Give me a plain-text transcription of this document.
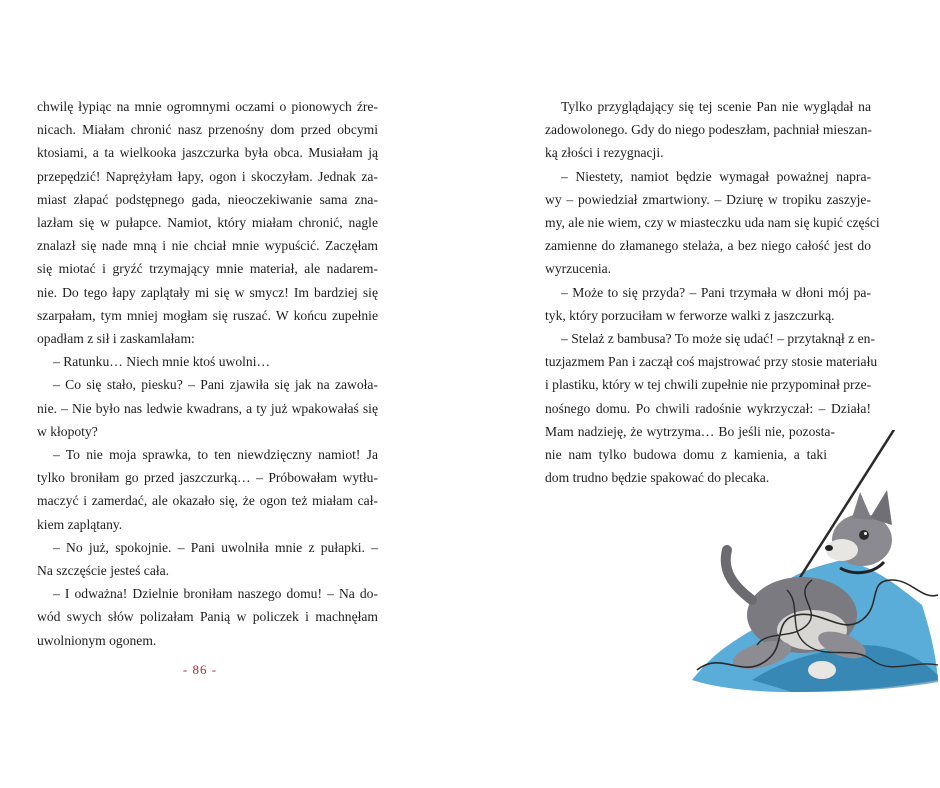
chwilę łypiąc na mnie ogromnymi oczami o pionowych źre-
nicach. Miałam chronić nasz przenośny dom przed obcymi
ktosiami, a ta wielkooka jaszczurka była obca. Musiałam ją
przepędzić! Naprężyłam łapy, ogon i skoczyłam. Jednak za-
miast złapać podstępnego gada, nieoczekiwanie sama zna-
lazłam się w pułapce. Namiot, który miałam chronić, nagle
znalazł się nade mną i nie chciał mnie wypuścić. Zaczęłam
się miotać i gryźć trzymający mnie materiał, ale nadarem-
nie. Do tego łapy zaplątały mi się w smycz! Im bardziej się
szarpałam, tym mniej mogłam się ruszać. W końcu zupełnie
opadłam z sił i zaskamlałam:

– Ratunku… Niech mnie ktoś uwolni…

– Co się stało, piesku? – Pani zjawiła się jak na zawoła-
nie. – Nie było nas ledwie kwadrans, a ty już wpakowałaś się
w kłopoty?

– To nie moja sprawka, to ten niewdzięczny namiot! Ja
tylko broniłam go przed jaszczurką… – Próbowałam wytłu-
maczyć i zamerdać, ale okazało się, że ogon też miałam cał-
kiem zaplątany.

– No już, spokojnie. – Pani uwolniła mnie z pułapki. –
Na szczęście jesteś cała.

– I odważna! Dzielnie broniłam naszego domu! – Na do-
wód swych słów polizałam Panią w policzek i machnęłam
uwolnionym ogonem.

- 86 -

Tylko przyglądający się tej scenie Pan nie wyglądał na
zadowolonego. Gdy do niego podeszłam, pachniał mieszan-
ką złości i rezygnacji.

– Niestety, namiot będzie wymagał poważnej napra-
wy – powiedział zmartwiony. – Dziurę w tropiku zaszyje-
my, ale nie wiem, czy w miasteczku uda nam się kupić części
zamienne do złamanego stelaża, a bez niego całość jest do
wyrzucenia.

– Może to się przyda? – Pani trzymała w dłoni mój pa-
tyk, który porzuciłam w ferworze walki z jaszczurką.

– Stelaż z bambusa? To może się udać! – przytaknął z en-
tuzjazmem Pan i zaczął coś majstrować przy stosie materiału
i plastiku, który w tej chwili zupełnie nie przypominał prze-
nośnego domu. Po chwili radośnie wykrzyczał: – Działa!
Mam nadzieję, że wytrzyma… Bo jeśli nie, pozosta-
nie nam tylko budowa domu z kamienia, a taki
dom trudno będzie spakować do plecaka.
